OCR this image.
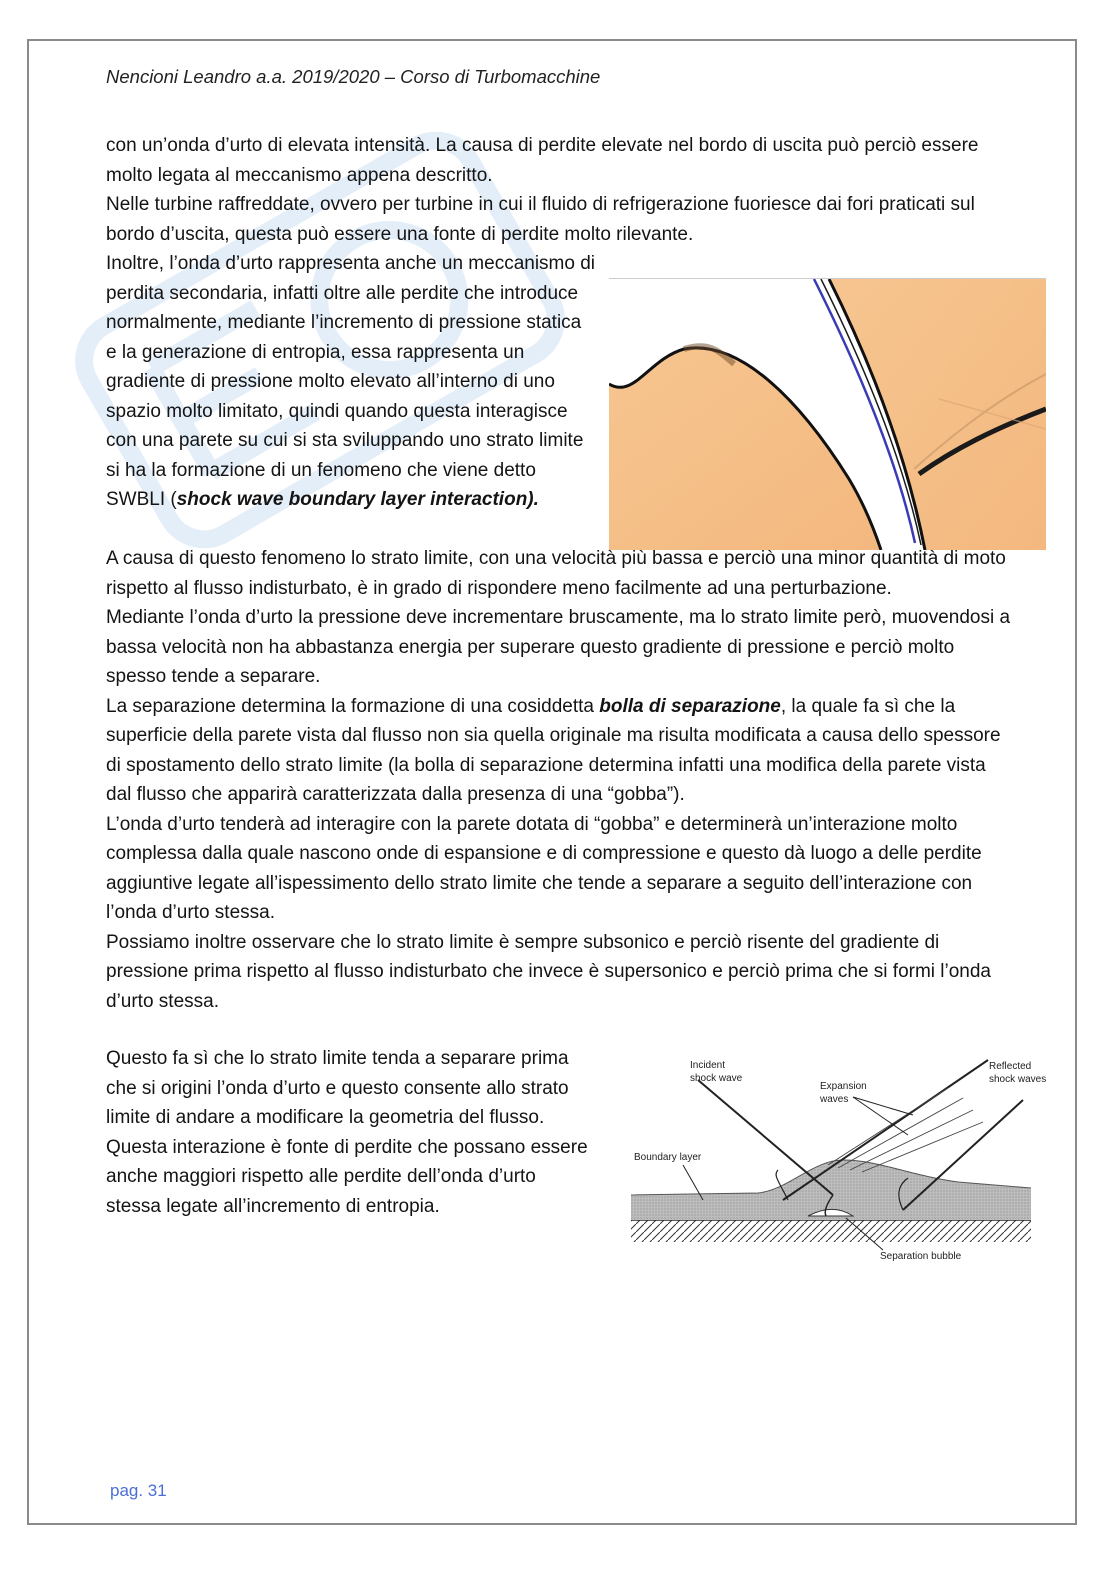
Nencioni Leandro a.a. 2019/2020 – Corso di Turbomacchine

con un’onda d’urto di elevata intensità. La causa di perdite elevate nel bordo di uscita può perciò essere molto legata al meccanismo appena descritto.

Nelle turbine raffreddate, ovvero per turbine in cui il fluido di refrigerazione fuoriesce dai fori praticati sul bordo d’uscita, questa può essere una fonte di perdite molto rilevante.

Inoltre, l’onda d’urto rappresenta anche un meccanismo di perdita secondaria, infatti oltre alle perdite che introduce normalmente, mediante l’incremento di pressione statica e la generazione di entropia, essa rappresenta un gradiente di pressione molto elevato all’interno di uno spazio molto limitato, quindi quando questa interagisce con una parete su cui si sta sviluppando uno strato limite si ha la formazione di un fenomeno che viene detto SWBLI (shock wave boundary layer interaction).

A causa di questo fenomeno lo strato limite, con una velocità più bassa e perciò una minor quantità di moto rispetto al flusso indisturbato, è in grado di rispondere meno facilmente ad una perturbazione.

Mediante l’onda d’urto la pressione deve incrementare bruscamente, ma lo strato limite però, muovendosi a bassa velocità non ha abbastanza energia per superare questo gradiente di pressione e perciò molto spesso tende a separare.

La separazione determina la formazione di una cosiddetta bolla di separazione, la quale fa sì che la superficie della parete vista dal flusso non sia quella originale ma risulta modificata a causa dello spessore di spostamento dello strato limite (la bolla di separazione determina infatti una modifica della parete vista dal flusso che apparirà caratterizzata dalla presenza di una “gobba”).

L’onda d’urto tenderà ad interagire con la parete dotata di “gobba” e determinerà un’interazione molto complessa dalla quale nascono onde di espansione e di compressione e questo dà luogo a delle perdite aggiuntive legate all’ispessimento dello strato limite che tende a separare a seguito dell’interazione con l’onda d’urto stessa.

Possiamo inoltre osservare che lo strato limite è sempre subsonico e perciò risente del gradiente di pressione prima rispetto al flusso indisturbato che invece è supersonico e perciò prima che si formi l’onda d’urto stessa.

Questo fa sì che lo strato limite tenda a separare prima che si origini l’onda d’urto e questo consente allo strato limite di andare a modificare la geometria del flusso.

Questa interazione è fonte di perdite che possano essere anche maggiori rispetto alle perdite dell’onda d’urto stessa legate all’incremento di entropia.

Incident
shock wave
Expansion
waves
Reflected
shock waves
Boundary layer
Separation bubble
pag. 31
